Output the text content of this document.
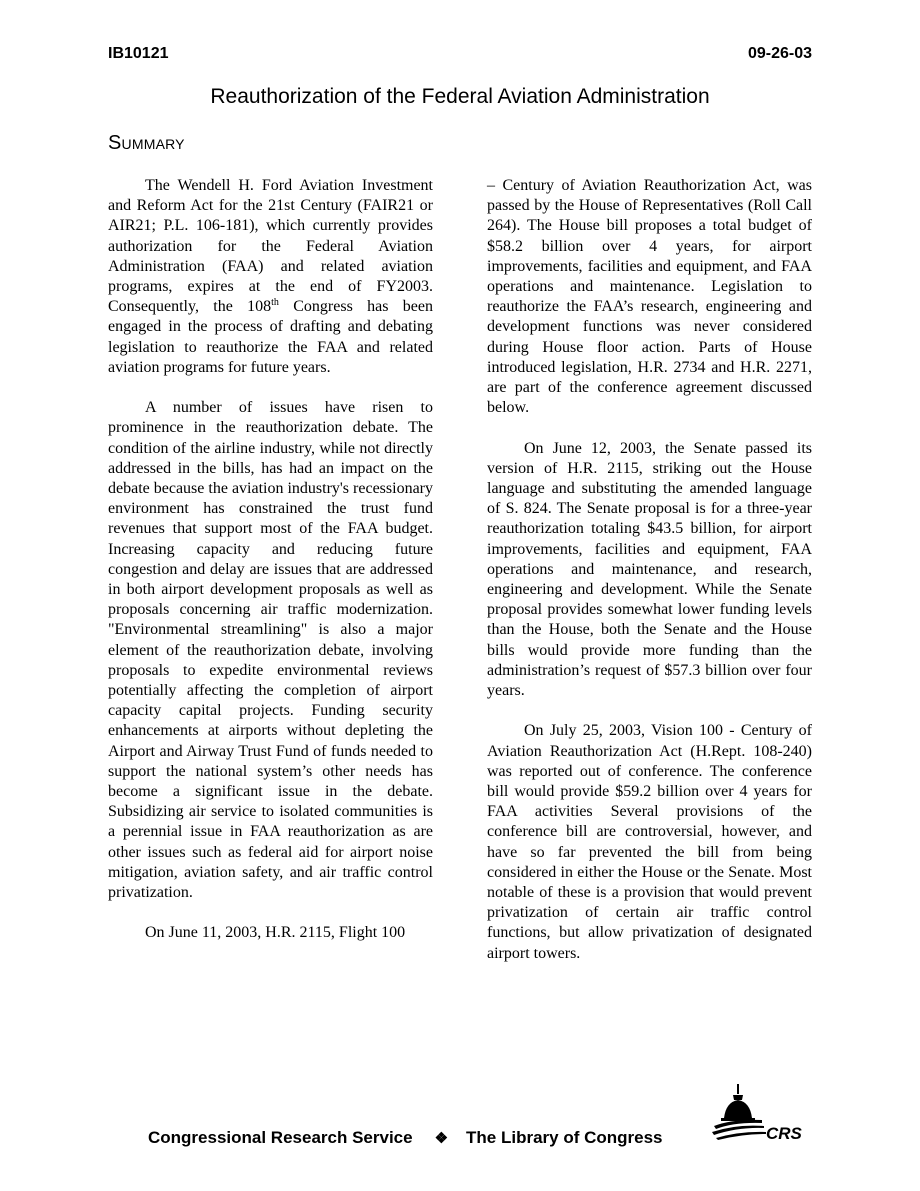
IB10121	09-26-03
Reauthorization of the Federal Aviation Administration
Summary

The Wendell H. Ford Aviation Investment and Reform Act for the 21st Century (FAIR21 or AIR21; P.L. 106-181), which currently provides authorization for the Federal Aviation Administration (FAA) and related aviation programs, expires at the end of FY2003. Consequently, the 108th Congress has been engaged in the process of drafting and debating legislation to reauthorize the FAA and related aviation programs for future years.

A number of issues have risen to prominence in the reauthorization debate. The condition of the airline industry, while not directly addressed in the bills, has had an impact on the debate because the aviation industry's recessionary environment has constrained the trust fund revenues that support most of the FAA budget. Increasing capacity and reducing future congestion and delay are issues that are addressed in both airport development proposals as well as proposals concerning air traffic modernization. "Environmental streamlining" is also a major element of the reauthorization debate, involving proposals to expedite environmental reviews potentially affecting the completion of airport capacity capital projects. Funding security enhancements at airports without depleting the Airport and Airway Trust Fund of funds needed to support the national system’s other needs has become a significant issue in the debate. Subsidizing air service to isolated communities is a perennial issue in FAA reauthorization as are other issues such as federal aid for airport noise mitigation, aviation safety, and air traffic control privatization.

On June 11, 2003, H.R. 2115, Flight 100

– Century of Aviation Reauthorization Act, was passed by the House of Representatives (Roll Call 264). The House bill proposes a total budget of $58.2 billion over 4 years, for airport improvements, facilities and equipment, and FAA operations and maintenance. Legislation to reauthorize the FAA’s research, engineering and development functions was never considered during House floor action. Parts of House introduced legislation, H.R. 2734 and H.R. 2271, are part of the conference agreement discussed below.

On June 12, 2003, the Senate passed its version of H.R. 2115, striking out the House language and substituting the amended language of S. 824. The Senate proposal is for a three-year reauthorization totaling $43.5 billion, for airport improvements, facilities and equipment, FAA operations and maintenance, and research, engineering and development. While the Senate proposal provides somewhat lower funding levels than the House, both the Senate and the House bills would provide more funding than the administration’s request of $57.3 billion over four years.

On July 25, 2003, Vision 100 - Century of Aviation Reauthorization Act (H.Rept. 108-240) was reported out of conference. The conference bill would provide $59.2 billion over 4 years for FAA activities Several provisions of the conference bill are controversial, however, and have so far prevented the bill from being considered in either the House or the Senate. Most notable of these is a provision that would prevent privatization of certain air traffic control functions, but allow privatization of designated airport towers.

Congressional Research Service ❖ The Library of Congress	CRS
